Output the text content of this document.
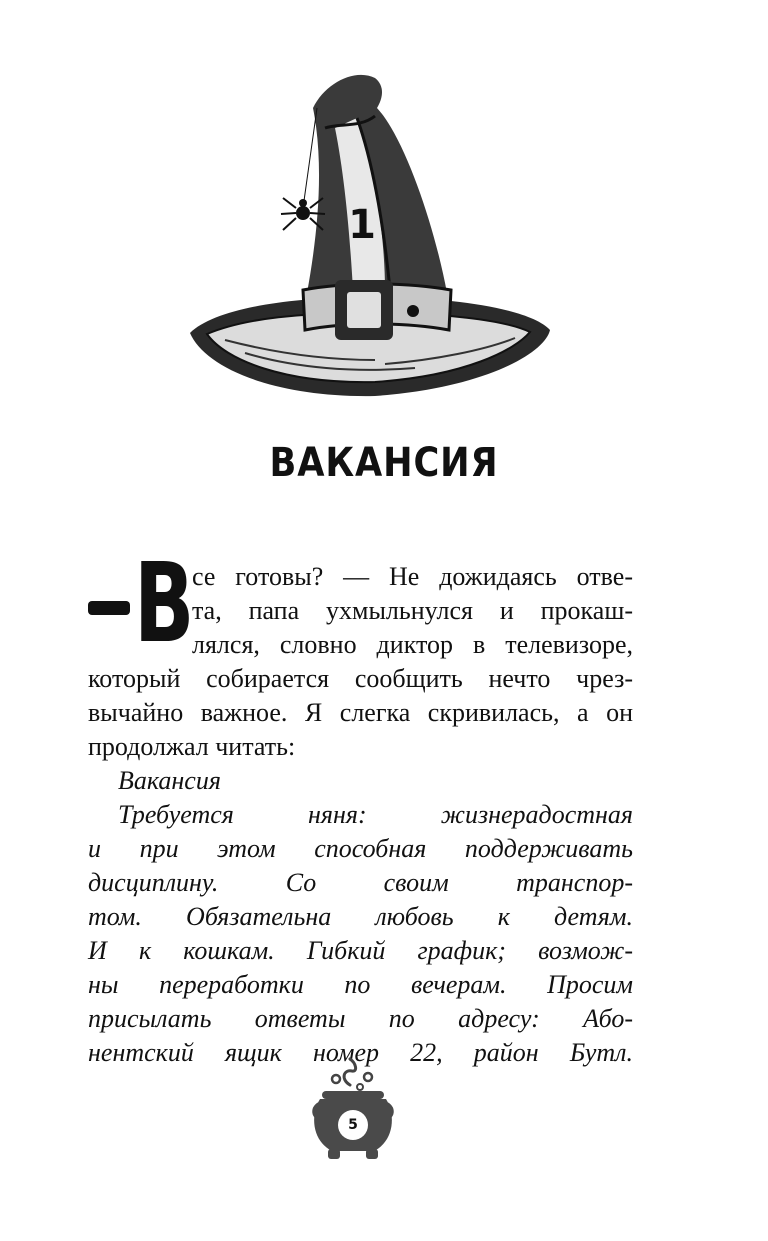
1
ВАКАНСИЯ
В
се готовы? — Не дожидаясь отве-
та, папа ухмыльнулся и прокаш-
лялся, словно диктор в телевизоре,
который собирается сообщить нечто чрез-
вычайно важное. Я слегка скривилась, а он
продолжал читать:
Вакансия
Требуется няня: жизнерадостная
и при этом способная поддерживать
дисциплину. Со своим транспор-
том. Обязательна любовь к детям.
И к кошкам. Гибкий график; возмож-
ны переработки по вечерам. Просим
присылать ответы по адресу: Або-
нентский ящик номер 22, район Бутл.
5
